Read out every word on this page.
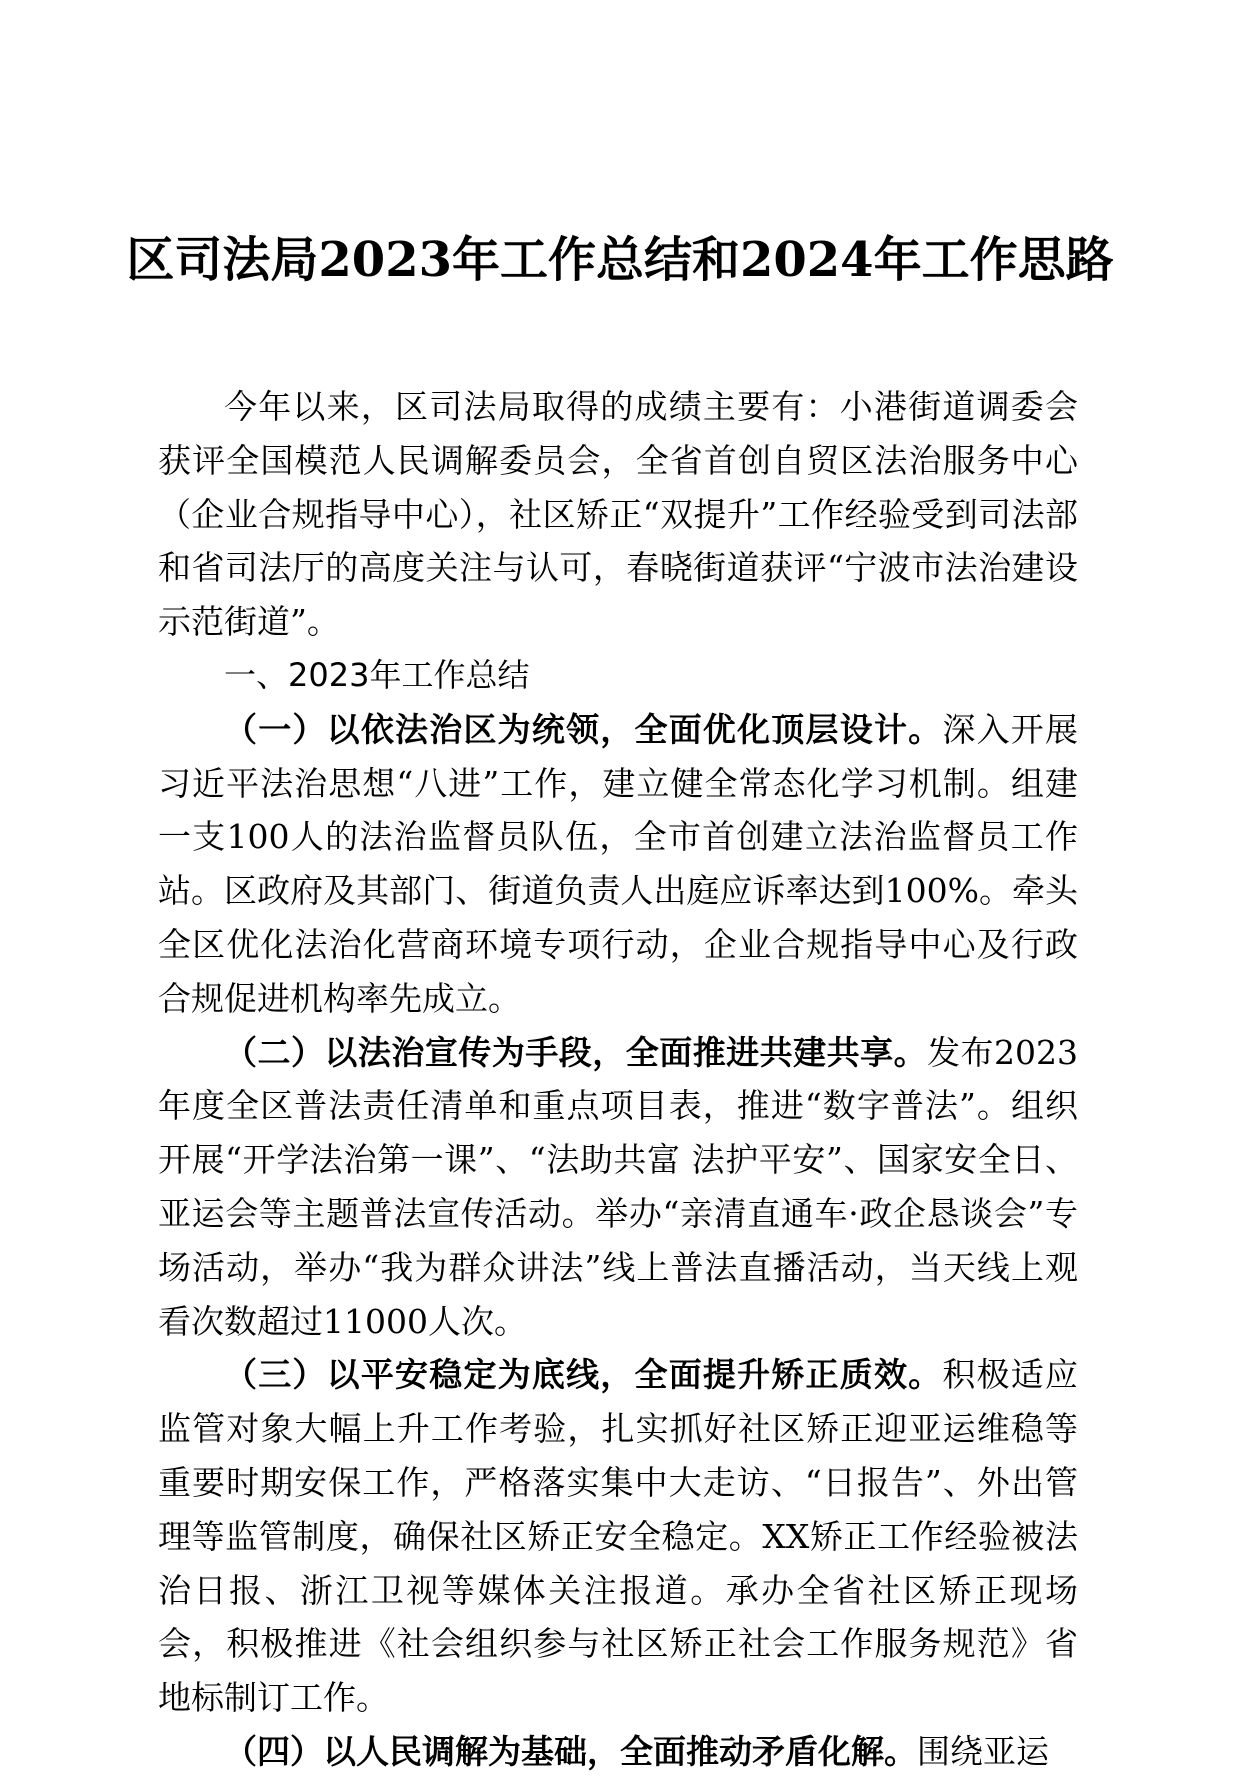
区司法局2023年工作总结和2024年工作思路

今年以来，区司法局取得的成绩主要有：小港街道调委会获评全国模范人民调解委员会，全省首创自贸区法治服务中心（企业合规指导中心），社区矫正“双提升”工作经验受到司法部和省司法厅的高度关注与认可，春晓街道获评“宁波市法治建设示范街道”。

一、2023年工作总结

（一）以依法治区为统领，全面优化顶层设计。深入开展习近平法治思想“八进”工作，建立健全常态化学习机制。组建一支100人的法治监督员队伍，全市首创建立法治监督员工作站。区政府及其部门、街道负责人出庭应诉率达到100%。牵头全区优化法治化营商环境专项行动，企业合规指导中心及行政合规促进机构率先成立。

（二）以法治宣传为手段，全面推进共建共享。发布2023年度全区普法责任清单和重点项目表，推进“数字普法”。组织开展“开学法治第一课”、“法助共富 法护平安”、国家安全日、亚运会等主题普法宣传活动。举办“亲清直通车·政企恳谈会”专场活动，举办“我为群众讲法”线上普法直播活动，当天线上观看次数超过11000人次。

（三）以平安稳定为底线，全面提升矫正质效。积极适应监管对象大幅上升工作考验，扎实抓好社区矫正迎亚运维稳等重要时期安保工作，严格落实集中大走访、“日报告”、外出管理等监管制度，确保社区矫正安全稳定。XX矫正工作经验被法治日报、浙江卫视等媒体关注报道。承办全省社区矫正现场会，积极推进《社会组织参与社区矫正社会工作服务规范》省地标制订工作。

（四）以人民调解为基础，全面推动矛盾化解。围绕亚运
